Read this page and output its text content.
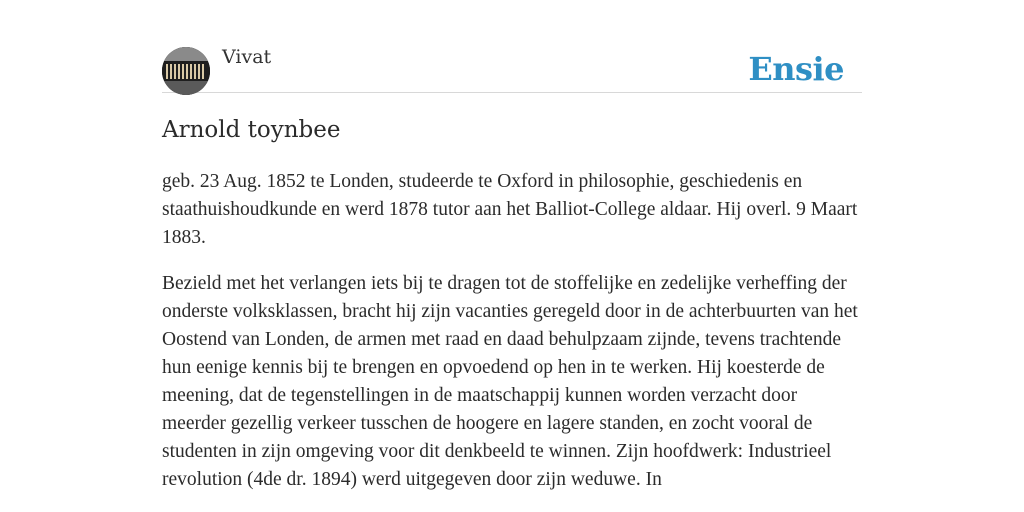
Vivat	Ensie
Arnold toynbee

geb. 23 Aug. 1852 te Londen, studeerde te Oxford in philosophie, geschiedenis en staathuishoudkunde en werd 1878 tutor aan het Balliot-College aldaar. Hij overl. 9 Maart 1883.

Bezield met het verlangen iets bij te dragen tot de stoffelijke en zedelijke verheffing der onderste volksklassen, bracht hij zijn vacanties geregeld door in de achterbuurten van het Oostend van Londen, de armen met raad en daad behulpzaam zijnde, tevens trachtende hun eenige kennis bij te brengen en opvoedend op hen in te werken. Hij koesterde de meening, dat de tegenstellingen in de maatschappij kunnen worden verzacht door meerder gezellig verkeer tusschen de hoogere en lagere standen, en zocht vooral de studenten in zijn omgeving voor dit denkbeeld te winnen. Zijn hoofdwerk: Industrieel revolution (4de dr. 1894) werd uitgegeven door zijn weduwe. In
